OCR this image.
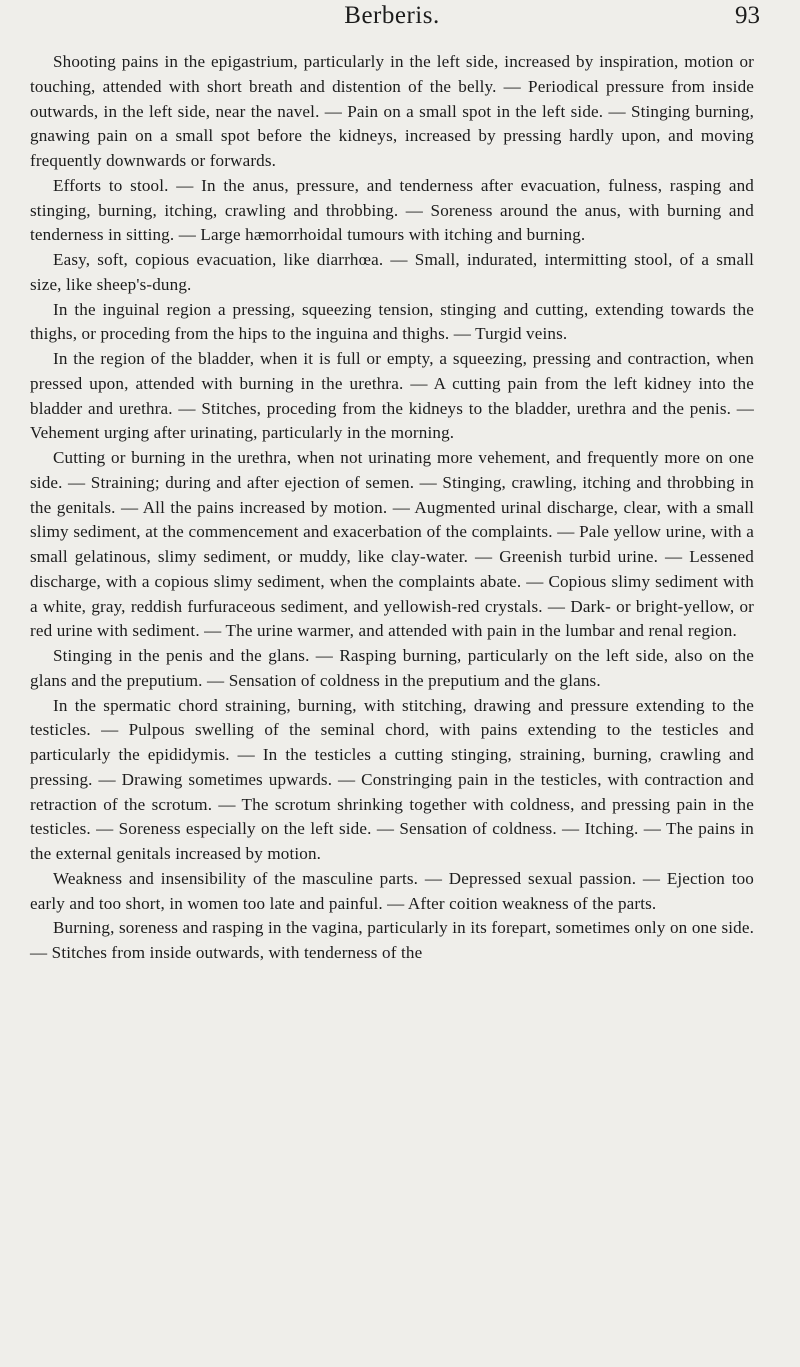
Berberis.	93

Shooting pains in the epigastrium, particularly in the left side, increased by inspiration, motion or touching, attended with short breath and distention of the belly. — Periodical pressure from inside outwards, in the left side, near the navel. — Pain on a small spot in the left side. — Stinging burning, gnawing pain on a small spot before the kidneys, increased by pressing hardly upon, and moving frequently downwards or forwards.

Efforts to stool. — In the anus, pressure, and tenderness after evacuation, fulness, rasping and stinging, burning, itching, crawling and throbbing. — Soreness around the anus, with burning and tenderness in sitting. — Large hæmorrhoidal tumours with itching and burning.

Easy, soft, copious evacuation, like diarrhœa. — Small, indurated, intermitting stool, of a small size, like sheep's-dung.

In the inguinal region a pressing, squeezing tension, stinging and cutting, extending towards the thighs, or proceding from the hips to the inguina and thighs. — Turgid veins.

In the region of the bladder, when it is full or empty, a squeezing, pressing and contraction, when pressed upon, attended with burning in the urethra. — A cutting pain from the left kidney into the bladder and urethra. — Stitches, proceding from the kidneys to the bladder, urethra and the penis. — Vehement urging after urinating, particularly in the morning.

Cutting or burning in the urethra, when not urinating more vehement, and frequently more on one side. — Straining; during and after ejection of semen. — Stinging, crawling, itching and throbbing in the genitals. — All the pains increased by motion. — Augmented urinal discharge, clear, with a small slimy sediment, at the commencement and exacerbation of the complaints. — Pale yellow urine, with a small gelatinous, slimy sediment, or muddy, like clay-water. — Greenish turbid urine. — Lessened discharge, with a copious slimy sediment, when the complaints abate. — Copious slimy sediment with a white, gray, reddish furfuraceous sediment, and yellowish-red crystals. — Dark- or bright-yellow, or red urine with sediment. — The urine warmer, and attended with pain in the lumbar and renal region.

Stinging in the penis and the glans. — Rasping burning, particularly on the left side, also on the glans and the preputium. — Sensation of coldness in the preputium and the glans.

In the spermatic chord straining, burning, with stitching, drawing and pressure extending to the testicles. — Pulpous swelling of the seminal chord, with pains extending to the testicles and particularly the epididymis. — In the testicles a cutting stinging, straining, burning, crawling and pressing. — Drawing sometimes upwards. — Constringing pain in the testicles, with contraction and retraction of the scrotum. — The scrotum shrinking together with coldness, and pressing pain in the testicles. — Soreness especially on the left side. — Sensation of coldness. — Itching. — The pains in the external genitals increased by motion.

Weakness and insensibility of the masculine parts. — Depressed sexual passion. — Ejection too early and too short, in women too late and painful. — After coition weakness of the parts.

Burning, soreness and rasping in the vagina, particularly in its forepart, sometimes only on one side. — Stitches from inside outwards, with tenderness of the
